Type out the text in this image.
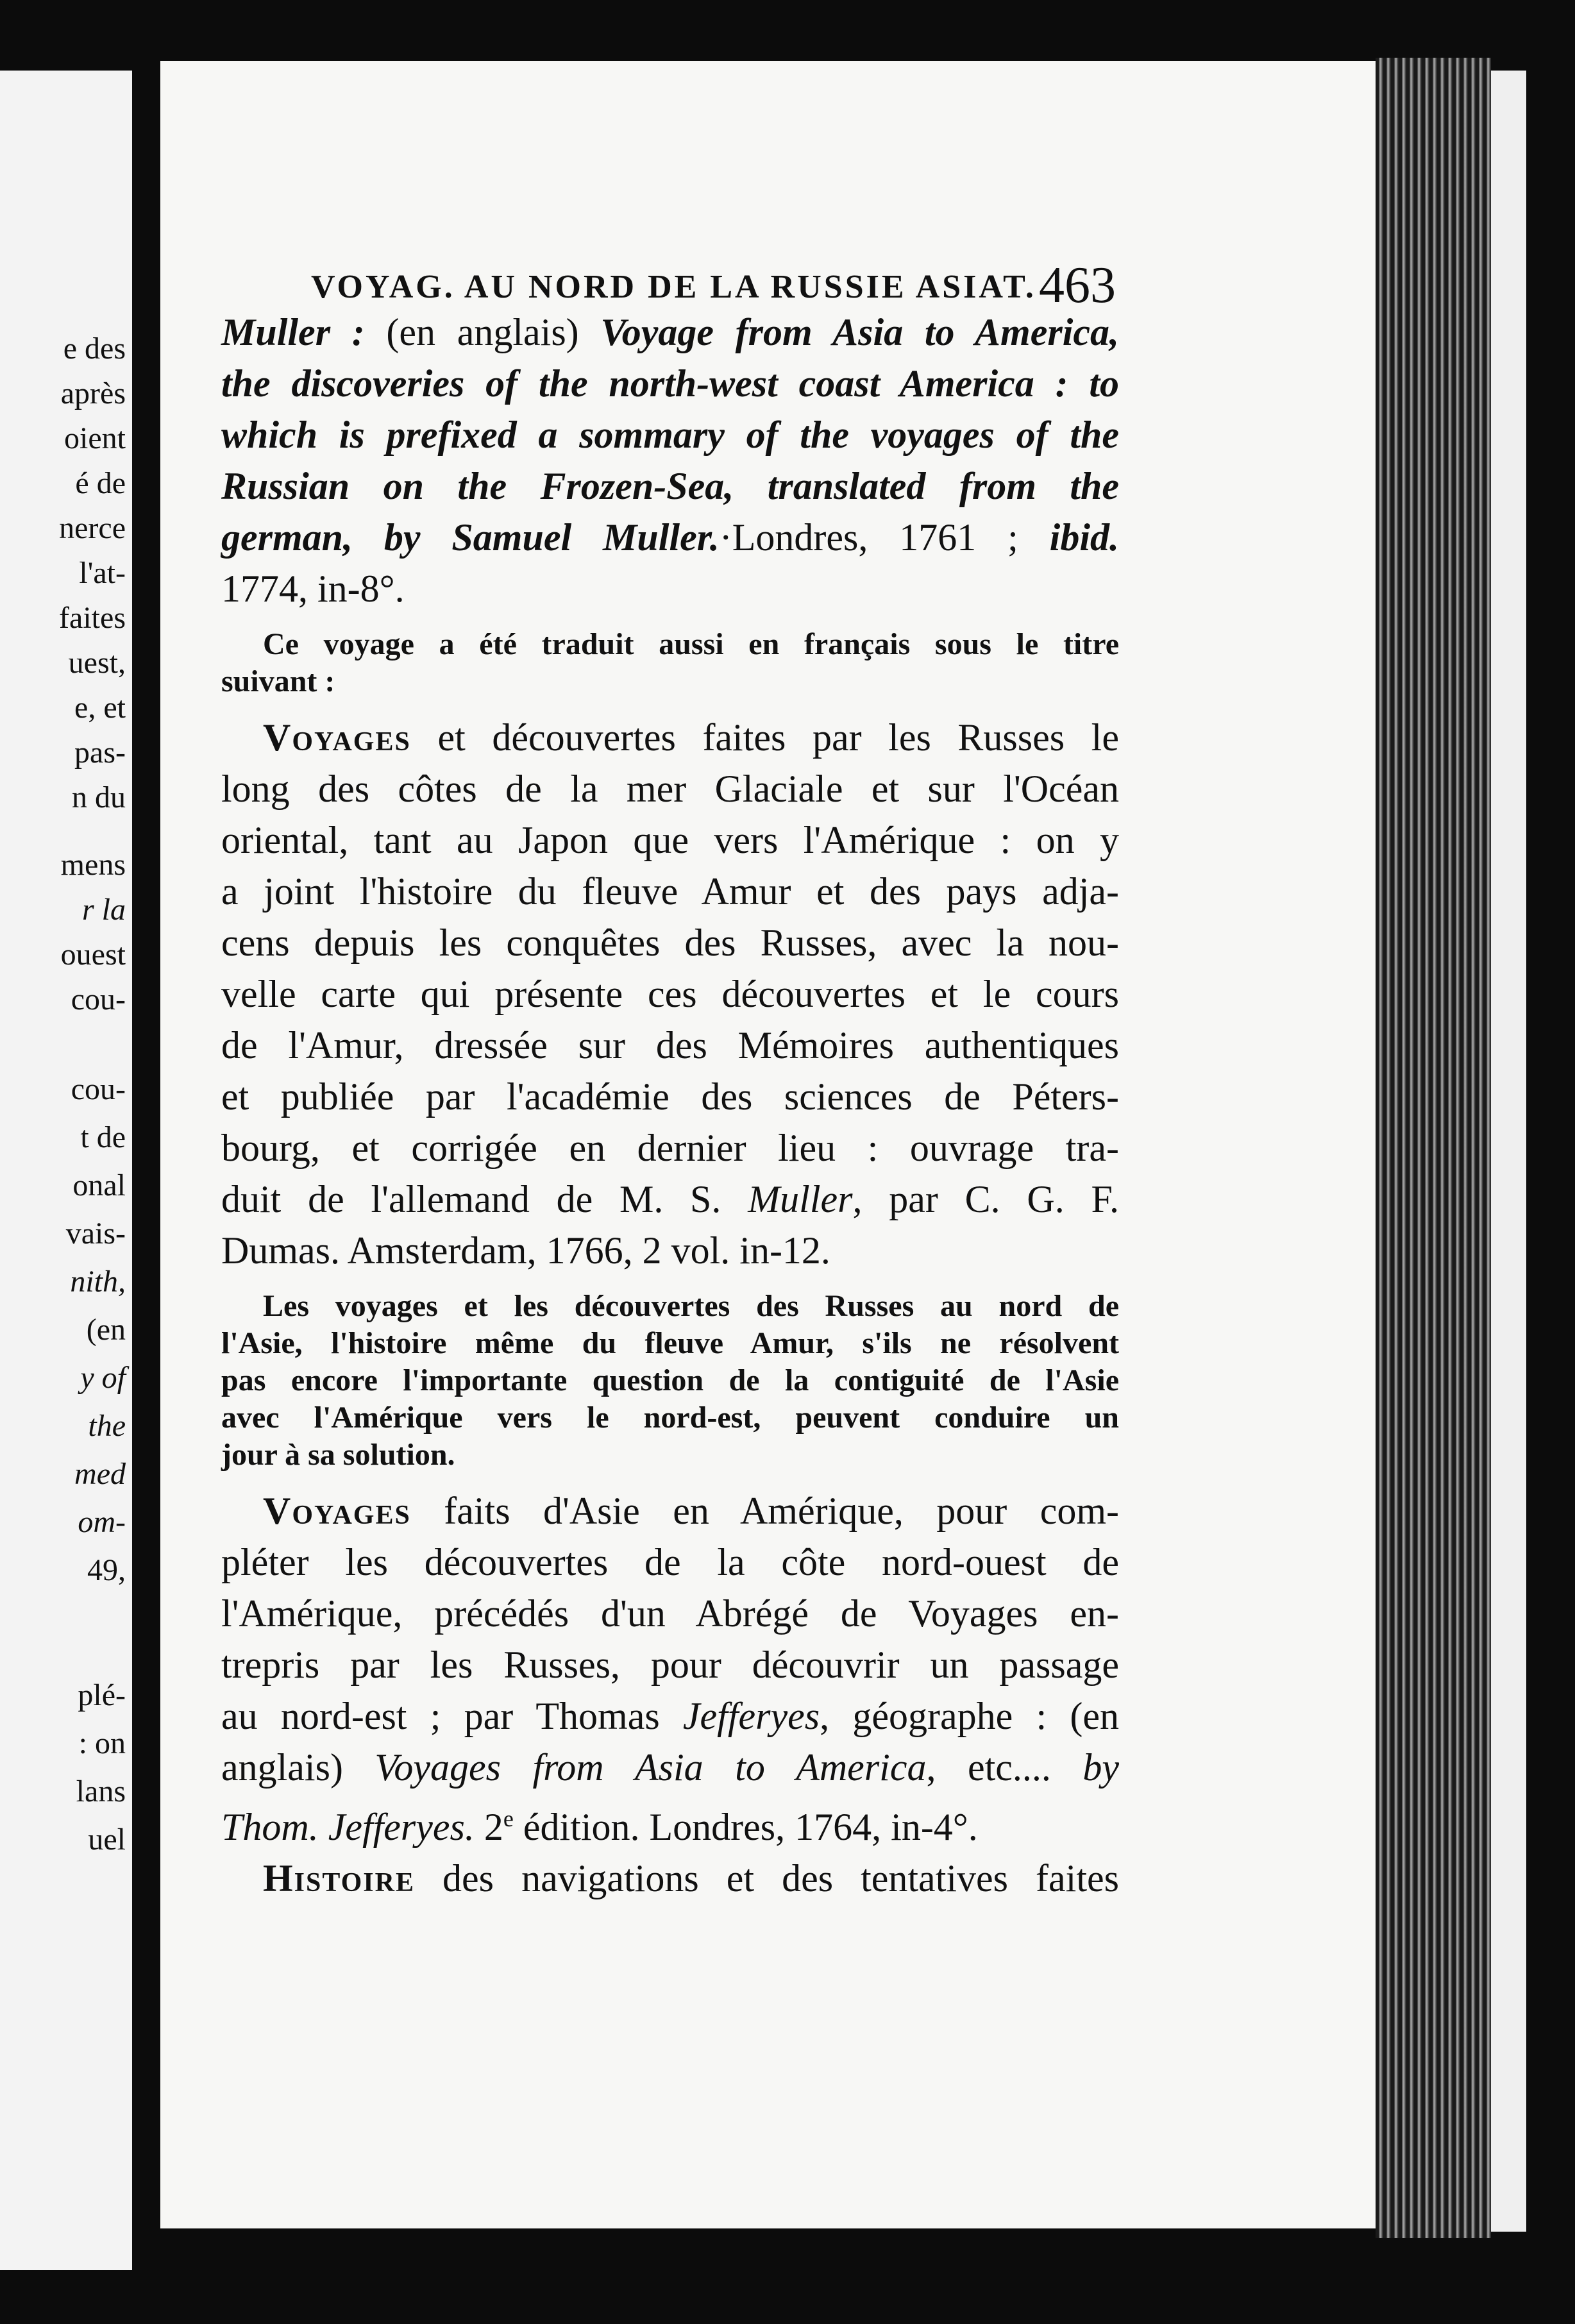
e des
après
oient
é de
nerce
l'at-
faites
uest,
e, et
pas-
n du
mens
r la
ouest
cou-
cou-
t de
onal
vais-
nith,
(en
y of
the
med
om-
49,
plé-
: on
lans
uel
VOYAG. AU NORD DE LA RUSSIE ASIAT. 463
Muller : (en anglais) Voyage from Asia to America,
the discoveries of the north-west coast America : to
which is prefixed a sommary of the voyages of the
Russian on the Frozen-Sea, translated from the
german, by Samuel Muller.·Londres, 1761 ; ibid.
1774, in-8°.
Ce voyage a été traduit aussi en français sous le titre
suivant :
Voyages et découvertes faites par les Russes le
long des côtes de la mer Glaciale et sur l'Océan
oriental, tant au Japon que vers l'Amérique : on y
a joint l'histoire du fleuve Amur et des pays adja-
cens depuis les conquêtes des Russes, avec la nou-
velle carte qui présente ces découvertes et le cours
de l'Amur, dressée sur des Mémoires authentiques
et publiée par l'académie des sciences de Péters-
bourg, et corrigée en dernier lieu : ouvrage tra-
duit de l'allemand de M. S. Muller, par C. G. F.
Dumas. Amsterdam, 1766, 2 vol. in-12.
Les voyages et les découvertes des Russes au nord de
l'Asie, l'histoire même du fleuve Amur, s'ils ne résolvent
pas encore l'importante question de la contiguité de l'Asie
avec l'Amérique vers le nord-est, peuvent conduire un
jour à sa solution.
Voyages faits d'Asie en Amérique, pour com-
pléter les découvertes de la côte nord-ouest de
l'Amérique, précédés d'un Abrégé de Voyages en-
trepris par les Russes, pour découvrir un passage
au nord-est ; par Thomas Jefferyes, géographe : (en
anglais) Voyages from Asia to America, etc.... by
Thom. Jefferyes. 2e édition. Londres, 1764, in-4°.
Histoire des navigations et des tentatives faites
